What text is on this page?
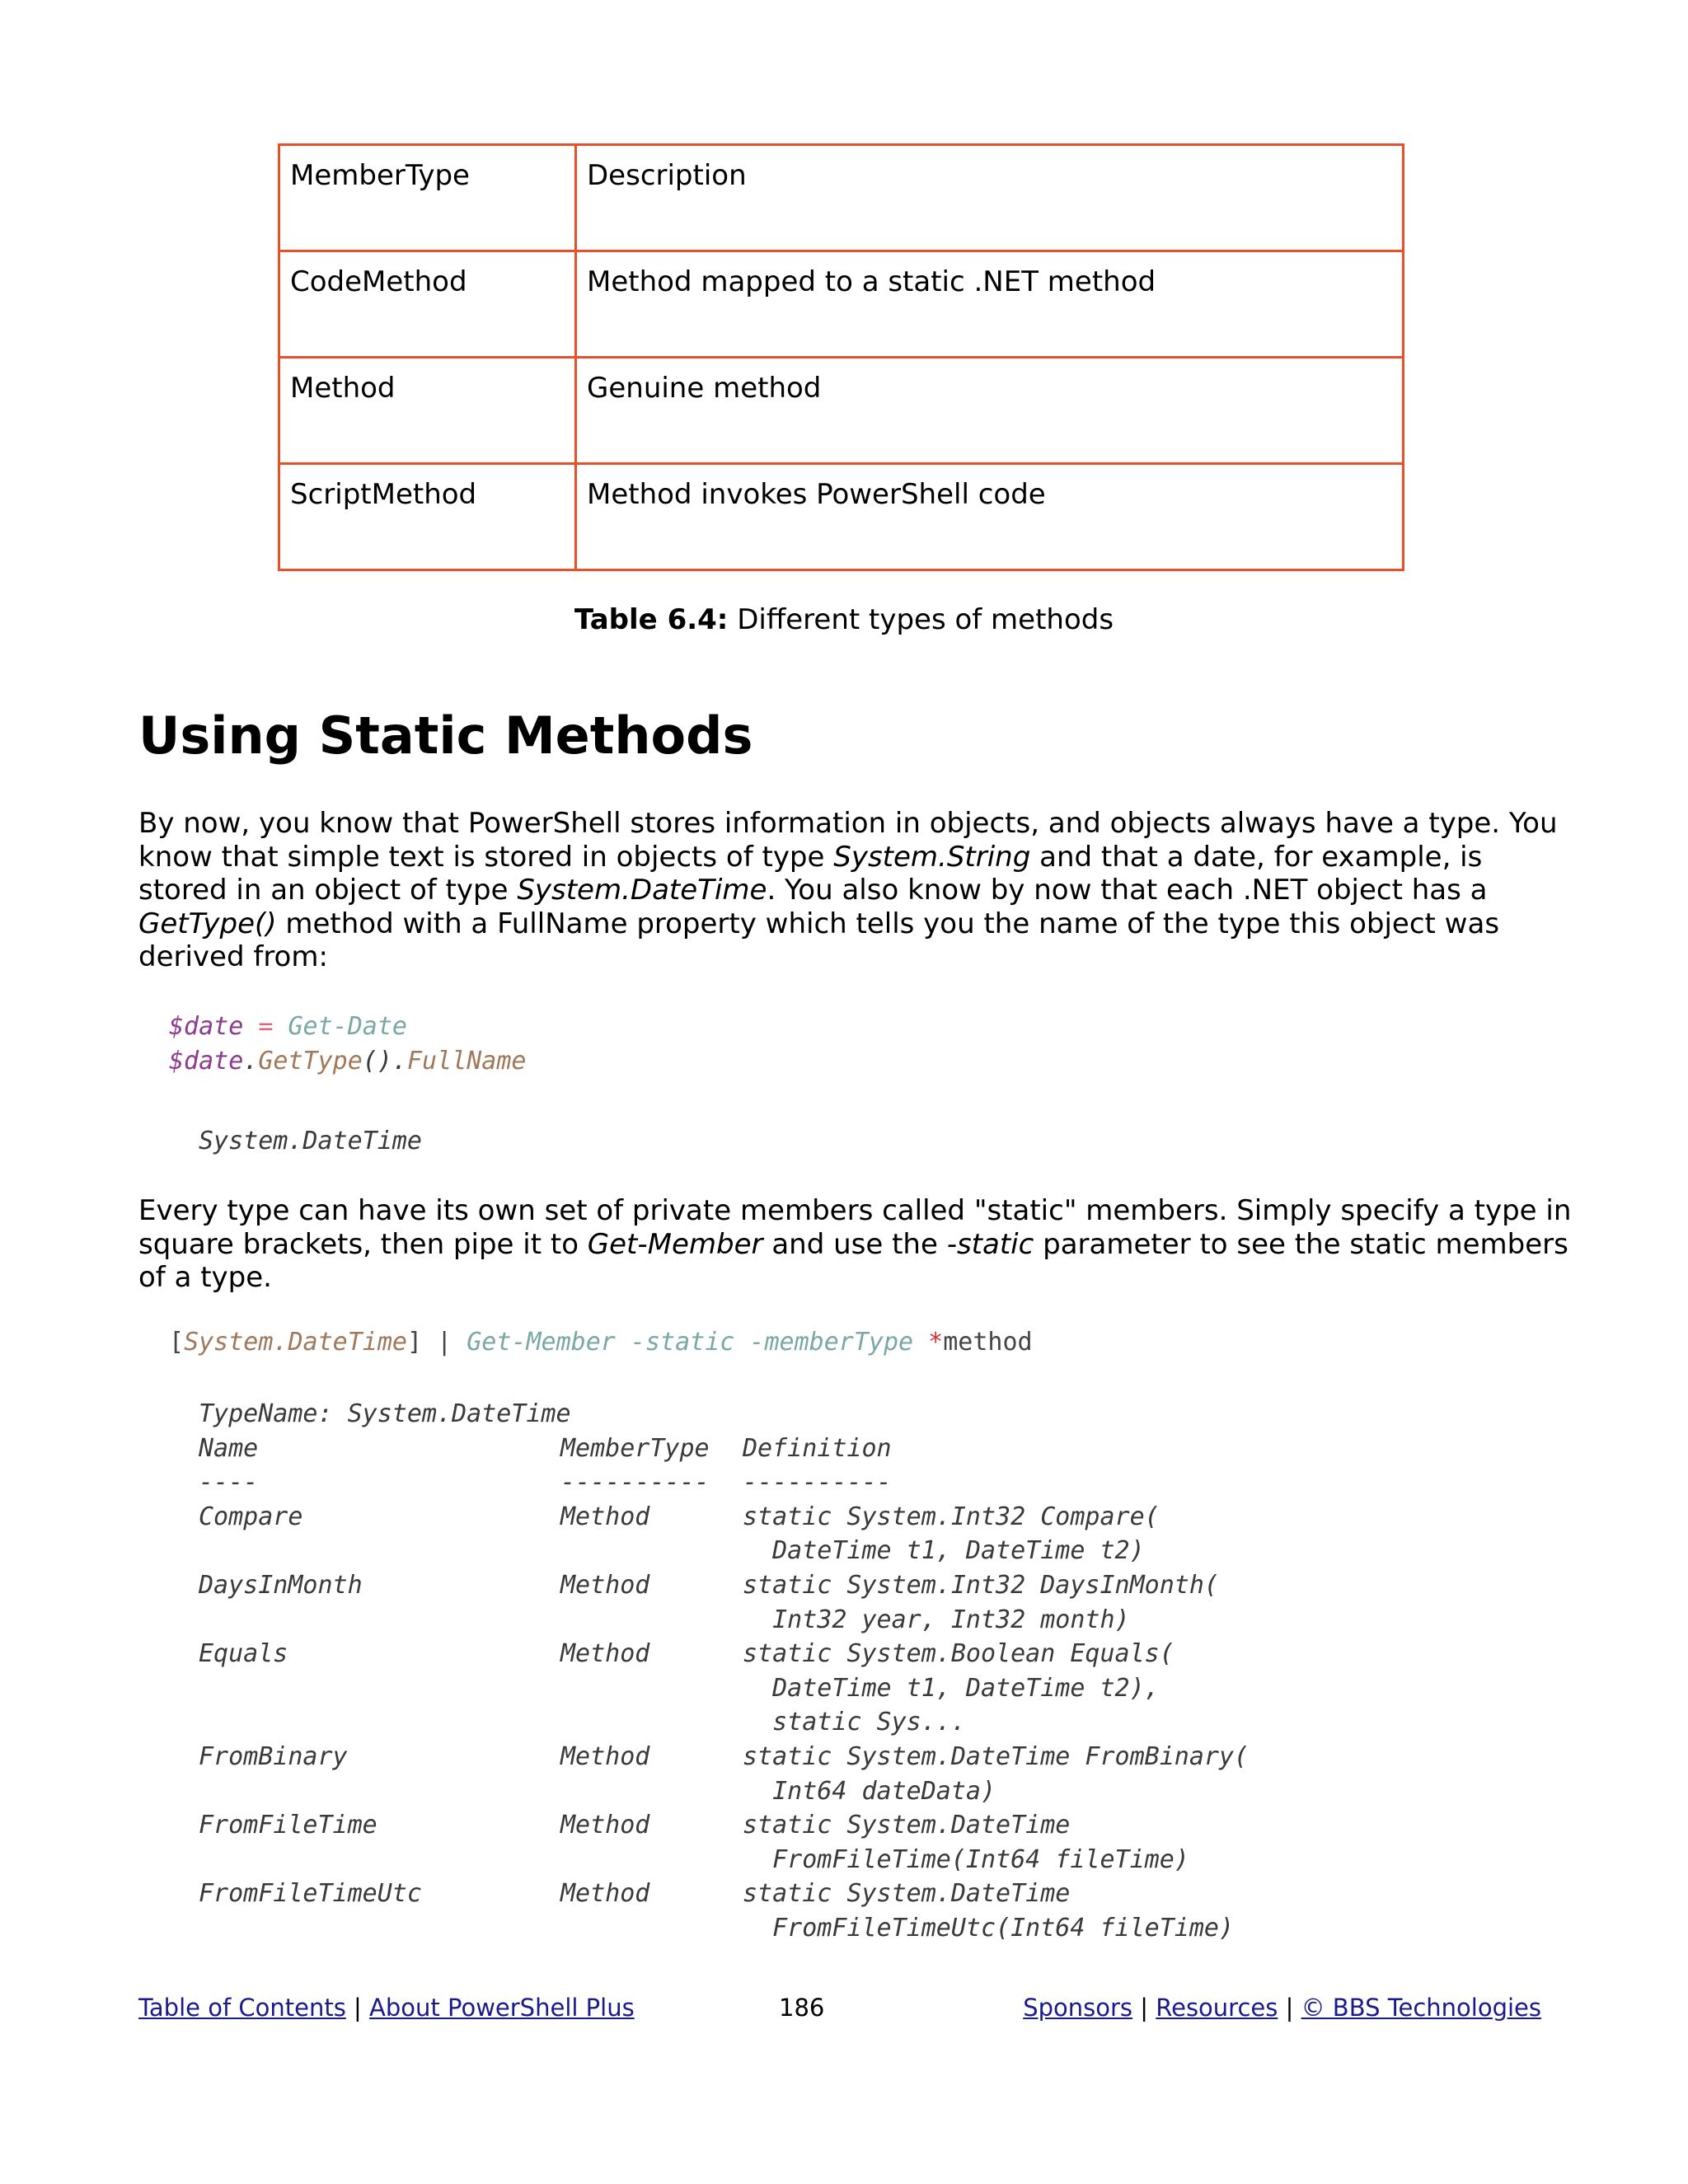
MemberType	Description
CodeMethod	Method mapped to a static .NET method
Method	Genuine method
ScriptMethod	Method invokes PowerShell code
Table 6.4: Different types of methods
Using Static Methods

By now, you know that PowerShell stores information in objects, and objects always have a type. You know that simple text is stored in objects of type System.String and that a date, for example, is stored in an object of type System.DateTime. You also know by now that each .NET object has a GetType() method with a FullName property which tells you the name of the type this object was derived from:

$date = Get-Date
$date.GetType().FullName
System.DateTime

Every type can have its own set of private members called "static" members. Simply specify a type in square brackets, then pipe it to Get-Member and use the -static parameter to see the static members of a type.

[System.DateTime] | Get-Member -static -memberType *method
TypeName: System.DateTime
Name	MemberType Definition
----	---------- ----------
Compare	Method	static System.Int32 Compare(
DateTime t1, DateTime t2)
DaysInMonth	Method	static System.Int32 DaysInMonth(
Int32 year, Int32 month)
Equals	Method	static System.Boolean Equals(
DateTime t1, DateTime t2),
static Sys...
FromBinary	Method	static System.DateTime FromBinary(
Int64 dateData)
FromFileTime	Method	static System.DateTime
FromFileTime(Int64 fileTime)
FromFileTimeUtc	Method	static System.DateTime
FromFileTimeUtc(Int64 fileTime)
Table of Contents | About PowerShell Plus	186	Sponsors | Resources | © BBS Technologies
